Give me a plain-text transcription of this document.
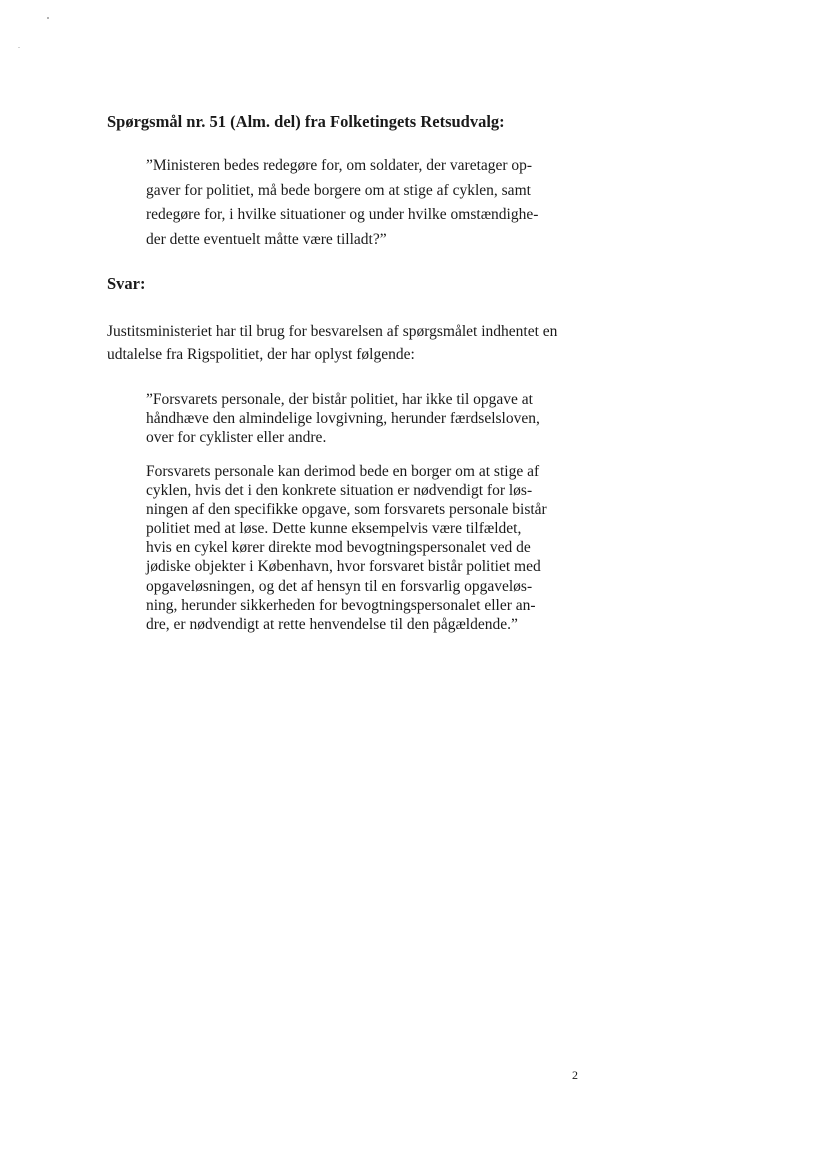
Spørgsmål nr. 51 (Alm. del) fra Folketingets Retsudvalg:
”Ministeren bedes redegøre for, om soldater, der varetager op-
gaver for politiet, må bede borgere om at stige af cyklen, samt
redegøre for, i hvilke situationer og under hvilke omstændighe-
der dette eventuelt måtte være tilladt?”
Svar:
Justitsministeriet har til brug for besvarelsen af spørgsmålet indhentet en
udtalelse fra Rigspolitiet, der har oplyst følgende:
”Forsvarets personale, der bistår politiet, har ikke til opgave at
håndhæve den almindelige lovgivning, herunder færdselsloven,
over for cyklister eller andre.
Forsvarets personale kan derimod bede en borger om at stige af
cyklen, hvis det i den konkrete situation er nødvendigt for løs-
ningen af den specifikke opgave, som forsvarets personale bistår
politiet med at løse. Dette kunne eksempelvis være tilfældet,
hvis en cykel kører direkte mod bevogtningspersonalet ved de
jødiske objekter i København, hvor forsvaret bistår politiet med
opgaveløsningen, og det af hensyn til en forsvarlig opgaveløs-
ning, herunder sikkerheden for bevogtningspersonalet eller an-
dre, er nødvendigt at rette henvendelse til den pågældende.”
2
